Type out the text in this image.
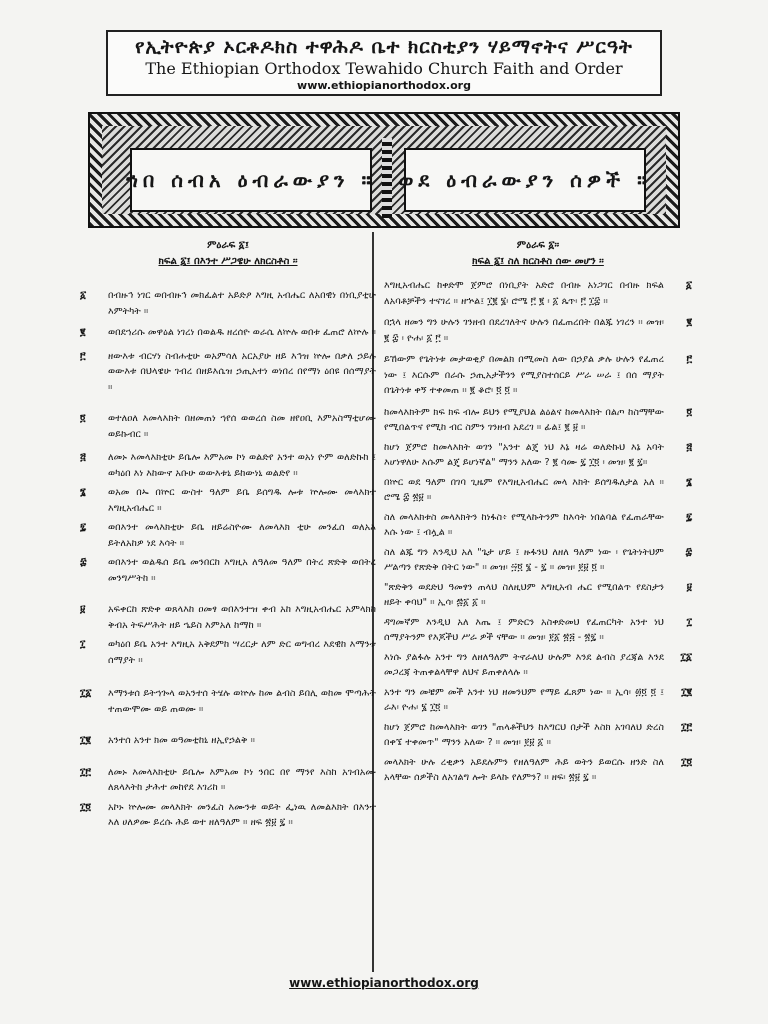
የኢትዮጵያ ኦርቶዶክስ ተዋሕዶ ቤተ ክርስቲያን ሃይማኖትና ሥርዓት
The Ethiopian Orthodox Tewahido Church Faith and Order
www.ethiopianorthodox.org
ኀበ ሰብአ ዕብራውያን ። ወደ ዕብራውያን ሰዎች ።
ምዕራፍ ፩፤
ክፍል ፩፤ በእንተ ሥጋዌሁ ለክርስቶስ ።
፩ በብዙኅ ነገር ወበብዙኅ መክፈልተ አይድዖ እግዚ አብሔር ለአበዊነ በነቢያቲሁ እምትካት ።
፪ ወበደኀሪሱ መዋዕል ነገረነ በወልዱ ዘረሰዮ ወራሴ ለኵሉ ወበቱ ፈጠሮ ለኵሉ ።
፫ ዘውእቱ ብርሃነ ስብሐቲሁ ወአምሳለ አርአያሁ ዘይ እኅዝ ኵሎ በቃለ ኃይሉ ወውእቱ በህላዌሁ ገብረ በዘይእሴዝ ኃጢአተነ ወነበረ በየማነ ዕበዩ በሰማያት ።
፬ ወተለዐለ እመላእክት በዘመጠነ ኀየሰ ወወረሰ ስመ ዘየዐቢ እምአስማቲሆሙ ወይኩብር ።
፭ ለመኑ እመላእክቲሁ ይቤሎ እምአመ ኮነ ወልድየ አንተ ወአነ ዮም ወለድኩከ ፤ ወካዕበ እነ እከውኖ አቡሁ ወውእቱኒ ይከውነኒ ወልድየ ።
፮ ወአመ በኡ በኵር ውስተ ዓለም ይቤ ይሰግዱ ሎቱ ኵሎሙ መላእክተ እግዚአብሔር ።
፯ ወበእንተ መላእክቲሁ ይቤ ዘይሬስዮሙ ለመላእክ ቲሁ መንፈሰ ወለአእ ይትለአከዎ ነደ እሳት ።
፰ ወበእንተ ወልዱሰ ይቤ መንበርከ እግዚአ ለዓለመ ዓለም በትረ ጽድቅ ወበትረ መንግሥትከ ።
፱ አፍቀርከ ጽድቀ ወጸላእከ ዐመፃ ወበእንተዝ ቀብ አከ እግዚአብሔር አምላክከ ቅብአ ትፍሥሕት ዘይ ኄይስ እምአለ ከማከ ።
፲ ወካዕበ ይቤ አንተ እግዚአ አቅደምከ ሣረርታ ለም ድር ወግብረ እደዊከ እማንቱ ሰማያት ።
፲፩ እማንቱሰ ይትኀጐላ ወአንተሰ ትሄሉ ወኵሉ ከመ ልብስ ይበሊ ወከመ ሞጣሕት ተጠውሞሙ ወይ ጠወሙ ።
፲፪ አንተሰ አንተ ክመ ወዓመቲከኒ ዘኢየኃልቅ ።
፲፫ ለመኑ እመላእክቲሁ ይቤሎ እምአመ ኮነ ንበር በየ ማንየ እስከ አገብአሙ ለጸላእትከ ታሕተ መከየደ እገሪከ ።
፲፬ አኮኑ ኵሎሙ መላእክት መንፈስ እሙንቱ ወይት ፌነዉ ለመልእክት በእንተ እለ ሀለዎሙ ይረሱ ሕይ ወተ ዘለዓለም ። ዘፍ ፳፱ ፯ ።
ምዕራፍ ፩።
ክፍል ፩፤ ስለ ክርስቶስ ሰው መሆን ።
፩
እግዚአብሔር ከቀድሞ ጀምሮ በነቢያት አድሮ በብዙ አነጋገር በብዙ ክፍል ለአባቶቻችን ተናገረ ። ዘኍል፤ ፲፪ ፮፡ ሮሜ ፫ ፪ ፡ ፩ ጴጥ፡ ፫ ፲፰ ።
፪
በኋላ ዘመን ግን ሁሉን ገንዘብ በደረገለትና ሁሉን በፈጠረበት በልጁ ነገረን ። መዝ፡ ፪ ፰ ፡ ዮሐ፡ ፩ ፫ ።
፫
ይኸውም የጌትነቱ መታወቂያ በመልክ በሚመስ ለው በኃያል ቃሉ ሁሉን የፈጠረ ነው ፤ እርሱም በራሱ ኃጢአታችንን የሚያስተሰርይ ሥራ ሠራ ፤ በሰ ማያት በጌትነቱ ቀኝ ተቀመጠ ። ፪ ቆሮ፡ ፬ ፬ ።
፬
ከመላእክትም ክፍ ክፍ ብሎ ይህን የሚያህል ልዕልና ከመላእክት በልጦ ከስማቸው የሚበልጥና የሚከ ብር ስምን ገንዘብ አደረገ ። ፊል፤ ፪ ፱ ።
፭
ከሆነ ጀምሮ ከመላእክት ወገን "አንተ ልጄ ነህ እኔ ዛሬ ወለድኩህ እኔ አባት እሆነዋለሁ እሱም ልጄ ይሆነኛል" ማንን አለው ? ፪ ሳሙ ፯ ፲፬ ፡ መዝ፡ ፪ ፯።
፮
በኵር ወደ ዓለም በገባ ጊዜም የእግዚአብሔር መላ እክት ይሰግዱለታል አለ ። ሮሜ ፰ ፳፱ ።
፯
ስለ መላእክቱስ መላእክትን ከነፋስ፥ የሚላኩትንም ከእሳት ነበልባል የፈጠራቸው እሱ ነው ፤ ብሏል ።
፰
ስለ ልጁ ግን እንዲህ አለ "ጌታ ሆይ ፤ ዙፋንህ ለዘለ ዓለም ነው ፡ የጌትነትህም ሥልጣን የጽድቅ በትር ነው" ። መዝ፡ ፵፬ ፮ - ፯ ። መዝ፡ ፻፱ ፬ ።
፱
"ጽድቅን ወደድህ ዓመፃን ጠላህ ስለዚህም እግዚአብ ሔር የሚበልጥ የደስታን ዘይት ቀባህ" ። ኢሳ፡ ፷፩ ፩ ።
፲
ዳግመኛም እንዲህ አለ እጤ ፤ ምድርን አስቀድመህ የፈጠርካት አንተ ነህ ሰማያትንም የእጆችህ ሥራ ዎች ናቸው ። መዝ፡ ፻፩ ፳፭ - ፳፯ ።
፲፩
እነሱ ያልፋሉ አንተ ግን ለዘለዓለም ትኖራለህ ሁሉም እንደ ልብስ ያረጃል እንደ መጋረጃ ትጠቀልላቸዋ ለህና ይጠቀለላሉ ።
፲፪
አንተ ግን መቼም መች አንተ ነህ ዘመንህም የማይ ፈጸም ነው ። ኢሳ፡ ፴፬ ፬ ፤ ራእ፡ ዮሐ፡ ፮ ፲፬ ።
፲፫
ከሆነ ጀምሮ ከመላእክት ወገን "ጠላቶችህን ከእግርህ በታች እስክ አገባለህ ድረስ በቀኜ ተቀመጥ" ማንን አለው ? ። መዝ፡ ፻፱ ፩ ።
፲፬
መላእክት ሁሉ ረቂቃን አይደሉምን የዘለዓለም ሕይ ወትን ይወርሱ ዘንድ ስለ አላቸው ሰዎችስ ለአገልግ ሎት ይላኩ የለምን? ። ዘፍ፡ ፳፱ ፯ ።
www.ethiopianorthodox.org
